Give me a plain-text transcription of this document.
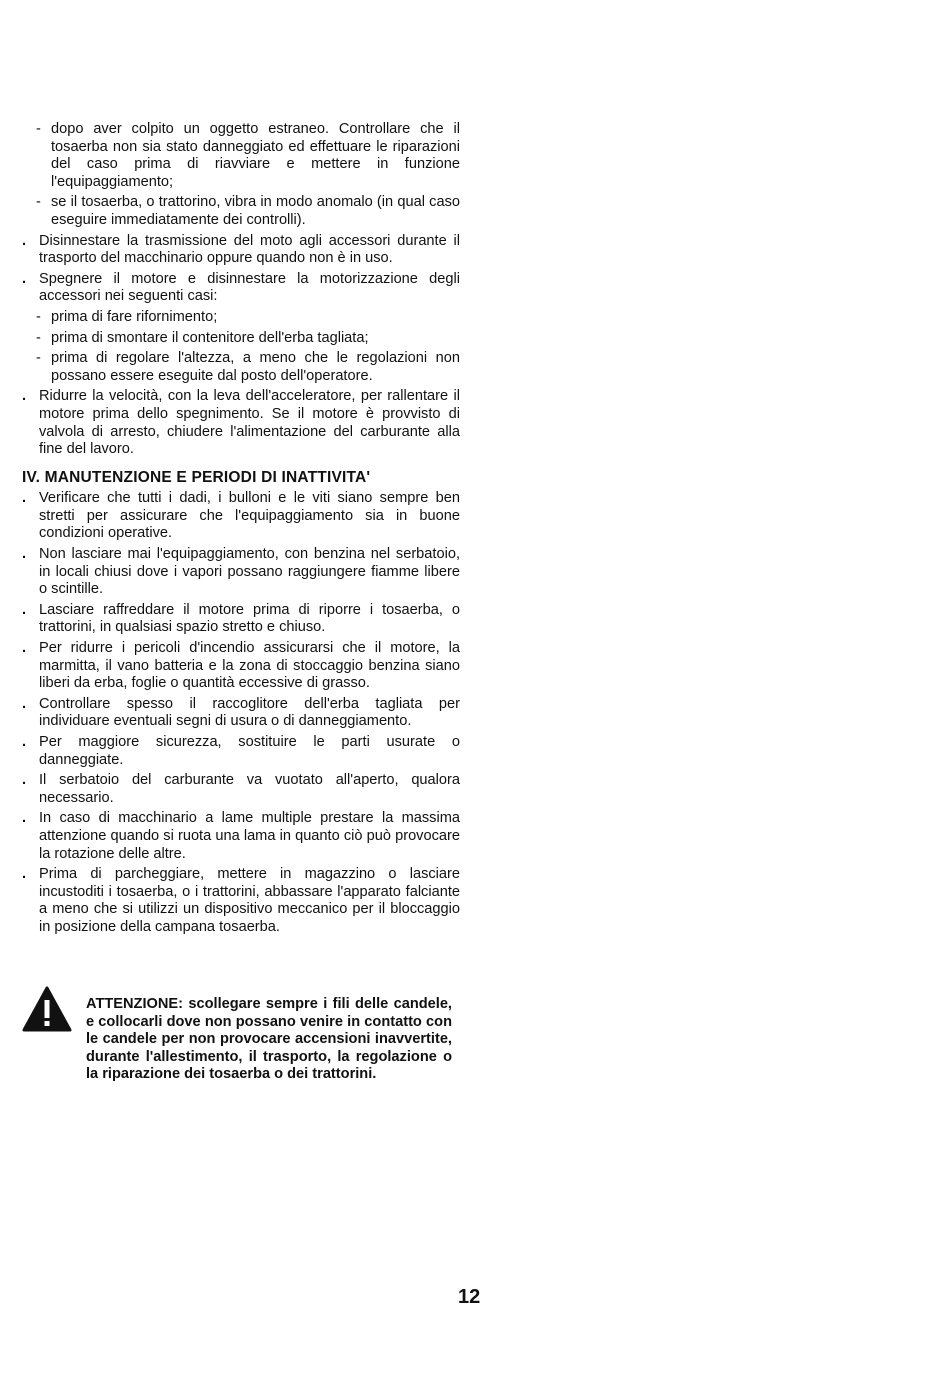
- dopo aver colpito un oggetto estraneo. Controllare che il tosaerba non sia stato danneggiato ed effettuare le riparazioni del caso prima di riavviare e mettere in funzione l'equipaggiamento;
- se il tosaerba, o trattorino, vibra in modo anomalo (in qual caso eseguire immediatamente dei controlli).
. Disinnestare la trasmissione del moto agli accessori durante il trasporto del macchinario oppure quando non è in uso.
. Spegnere il motore e disinnestare la motorizzazione degli accessori nei seguenti casi:
- prima di fare rifornimento;
- prima di smontare il contenitore dell'erba tagliata;
- prima di regolare l'altezza, a meno che le regolazioni non possano essere eseguite dal posto dell'operatore.
. Ridurre la velocità, con la leva dell'acceleratore, per rallentare il motore prima dello spegnimento. Se il motore è provvisto di valvola di arresto, chiudere l'alimentazione del carburante alla fine del lavoro.
IV. MANUTENZIONE E PERIODI DI INATTIVITA'
. Verificare che tutti i dadi, i bulloni e le viti siano sempre ben stretti per assicurare che l'equipaggiamento sia in buone condizioni operative.
. Non lasciare mai l'equipaggiamento, con benzina nel serbatoio, in locali chiusi dove i vapori possano raggiungere fiamme libere o scintille.
. Lasciare raffreddare il motore prima di riporre i tosaerba, o trattorini, in qualsiasi spazio stretto e chiuso.
. Per ridurre i pericoli d'incendio assicurarsi che il motore, la marmitta, il vano batteria e la zona di stoccaggio benzina siano liberi da erba, foglie o quantità eccessive di grasso.
. Controllare spesso il raccoglitore dell'erba tagliata per individuare eventuali segni di usura o di danneggiamento.
. Per maggiore sicurezza, sostituire le parti usurate o danneggiate.
. Il serbatoio del carburante va vuotato all'aperto, qualora necessario.
. In caso di macchinario a lame multiple prestare la massima attenzione quando si ruota una lama in quanto ciò può provocare la rotazione delle altre.
. Prima di parcheggiare, mettere in magazzino o lasciare incustoditi i tosaerba, o i trattorini, abbassare l'apparato falciante a meno che si utilizzi un dispositivo meccanico per il bloccaggio in posizione della campana tosaerba.
ATTENZIONE: scollegare sempre i fili delle candele, e collocarli dove non possano venire in contatto con le candele per non provocare accensioni inavvertite, durante l'allestimento, il trasporto, la regolazione o la riparazione dei tosaerba o dei trattorini.
12
